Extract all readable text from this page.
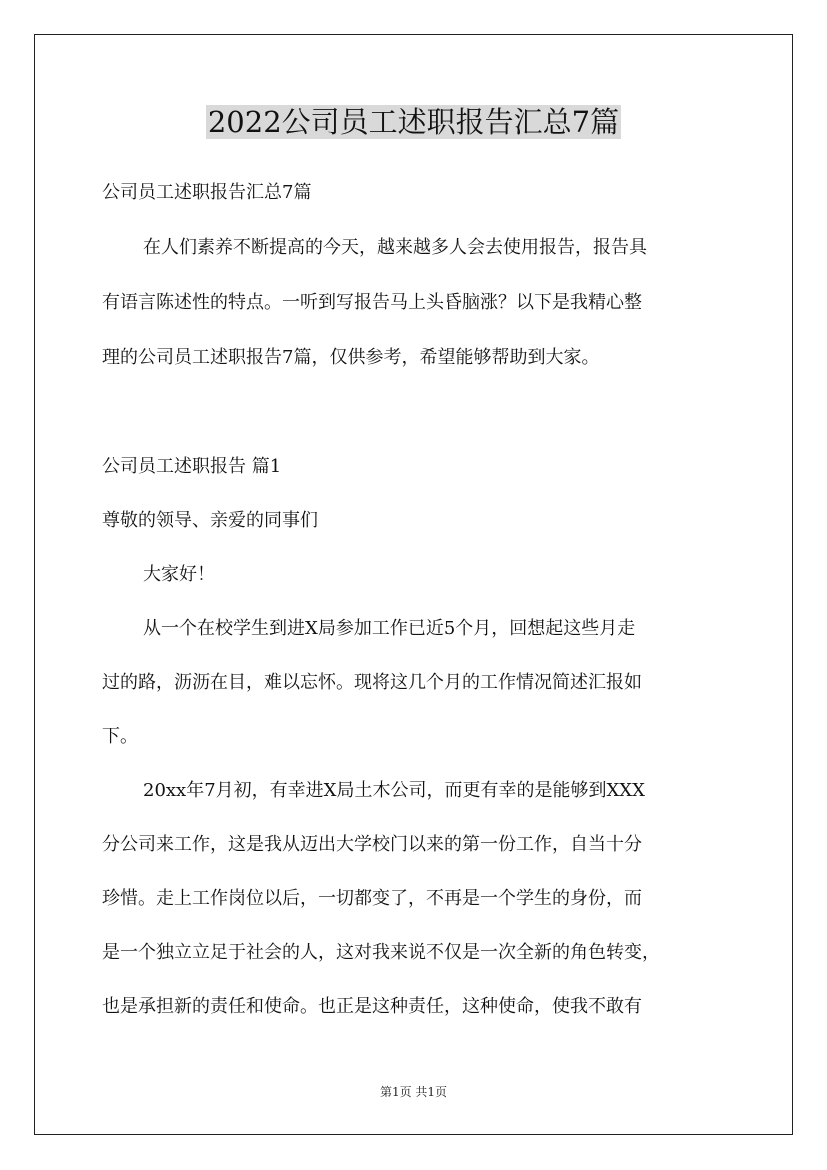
2022公司员工述职报告汇总7篇

公司员工述职报告汇总7篇

在人们素养不断提高的今天，越来越多人会去使用报告，报告具

有语言陈述性的特点。一听到写报告马上头昏脑涨？以下是我精心整

理的公司员工述职报告7篇，仅供参考，希望能够帮助到大家。

公司员工述职报告 篇1

尊敬的领导、亲爱的同事们

大家好！

从一个在校学生到进X局参加工作已近5个月，回想起这些月走

过的路，沥沥在目，难以忘怀。现将这几个月的工作情况简述汇报如

下。

20xx年7月初，有幸进X局土木公司，而更有幸的是能够到XXX

分公司来工作，这是我从迈出大学校门以来的第一份工作，自当十分

珍惜。走上工作岗位以后，一切都变了，不再是一个学生的身份，而

是一个独立立足于社会的人，这对我来说不仅是一次全新的角色转变，

也是承担新的责任和使命。也正是这种责任，这种使命，使我不敢有

第1页 共1页
